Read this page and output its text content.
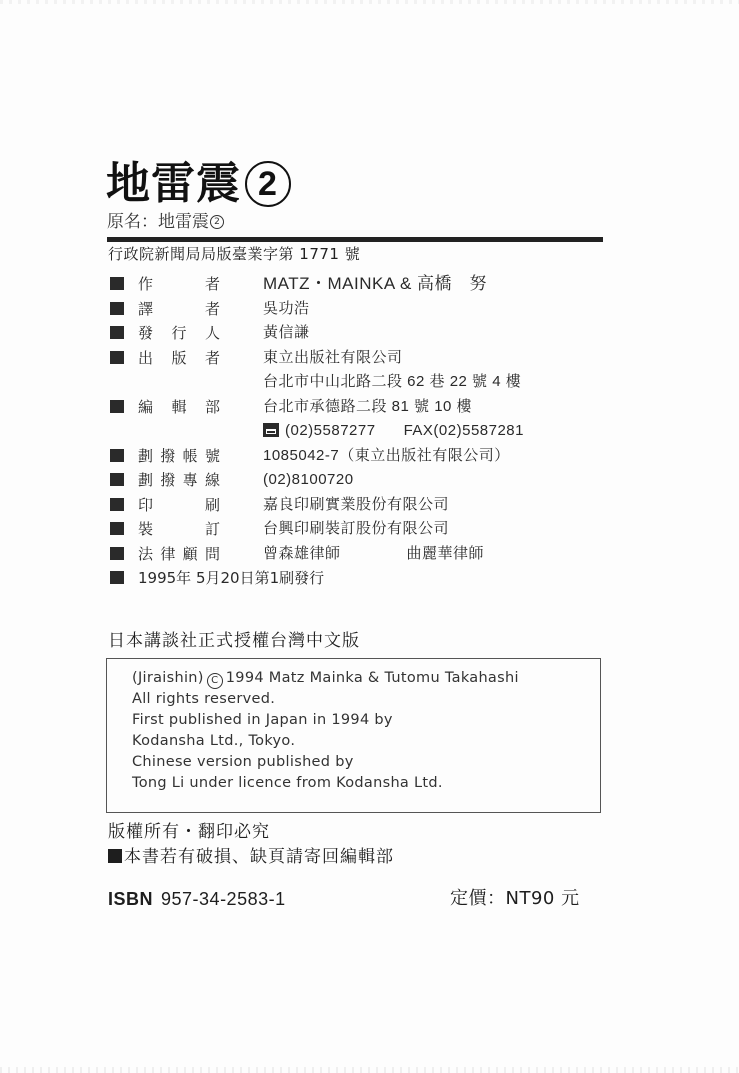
地雷震 2
原名： 地雷震 2
行政院新聞局局版臺業字第 1771 號
作	者	MATZ・MAINKA & 高橋　努
譯	者	吳功浩
發 行 人	黃信謙
出 版 者	東立出版社有限公司
台北市中山北路二段 62 巷 22 號 4 樓
編 輯 部	台北市承德路二段 81 號 10 樓
(02)5587277 FAX(02)5587281
劃 撥 帳 號	1085042-7（東立出版社有限公司）
劃 撥 專 線	(02)8100720
印	刷	嘉良印刷實業股份有限公司
裝	訂	台興印刷裝訂股份有限公司
法 律 顧 問	曾森雄律師	曲麗華律師
1995年 5月20日第1刷發行
日本講談社正式授權台灣中文版
(Jiraishin) C 1994 Matz Mainka & Tutomu Takahashi
All rights reserved.
First published in Japan in 1994 by
Kodansha Ltd., Tokyo.
Chinese version published by
Tong Li under licence from Kodansha Ltd.
版權所有・翻印必究
本書若有破損、缺頁請寄回編輯部
ISBN 957-34-2583-1	定價：NT90 元
